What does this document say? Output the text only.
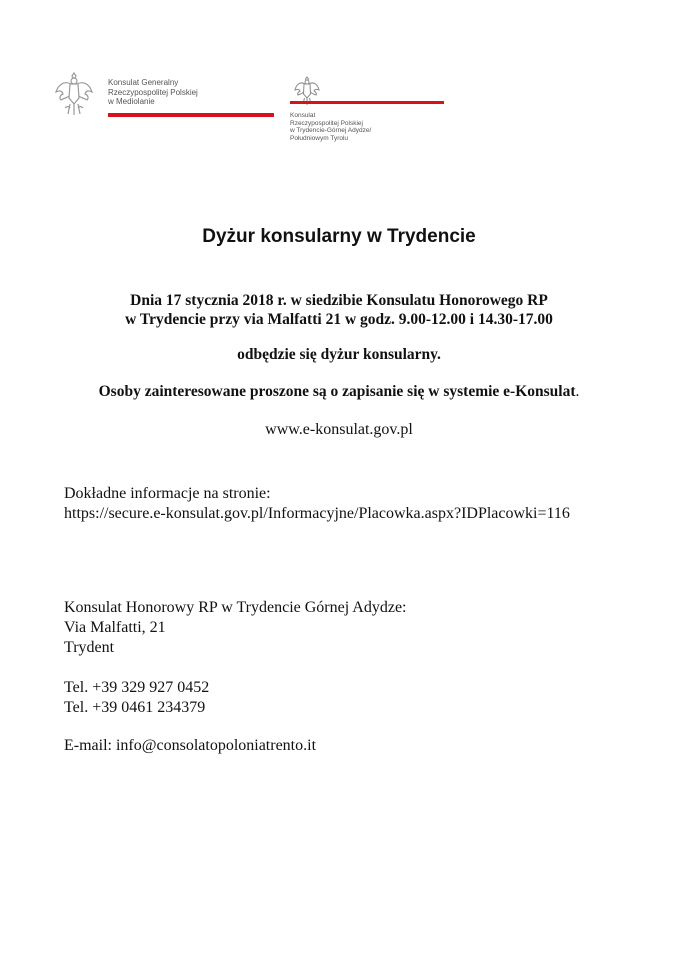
Konsulat Generalny
Rzeczypospolitej Polskiej
w Mediolanie
Konsulat
Rzeczypospolitej Polskiej
w Trydencie-Górnej Adydze/
Południowym Tyrolu
Dyżur konsularny w Trydencie
Dnia 17 stycznia 2018 r. w siedzibie Konsulatu Honorowego RP
w Trydencie przy via Malfatti 21 w godz. 9.00-12.00 i 14.30-17.00
odbędzie się dyżur konsularny.
Osoby zainteresowane proszone są o zapisanie się w systemie e-Konsulat.
www.e-konsulat.gov.pl
Dokładne informacje na stronie:
https://secure.e-konsulat.gov.pl/Informacyjne/Placowka.aspx?IDPlacowki=116
Konsulat Honorowy RP w Trydencie Górnej Adydze:
Via Malfatti, 21
Trydent
Tel. +39 329 927 0452
Tel. +39 0461 234379
E-mail: info@consolatopoloniatrento.it
